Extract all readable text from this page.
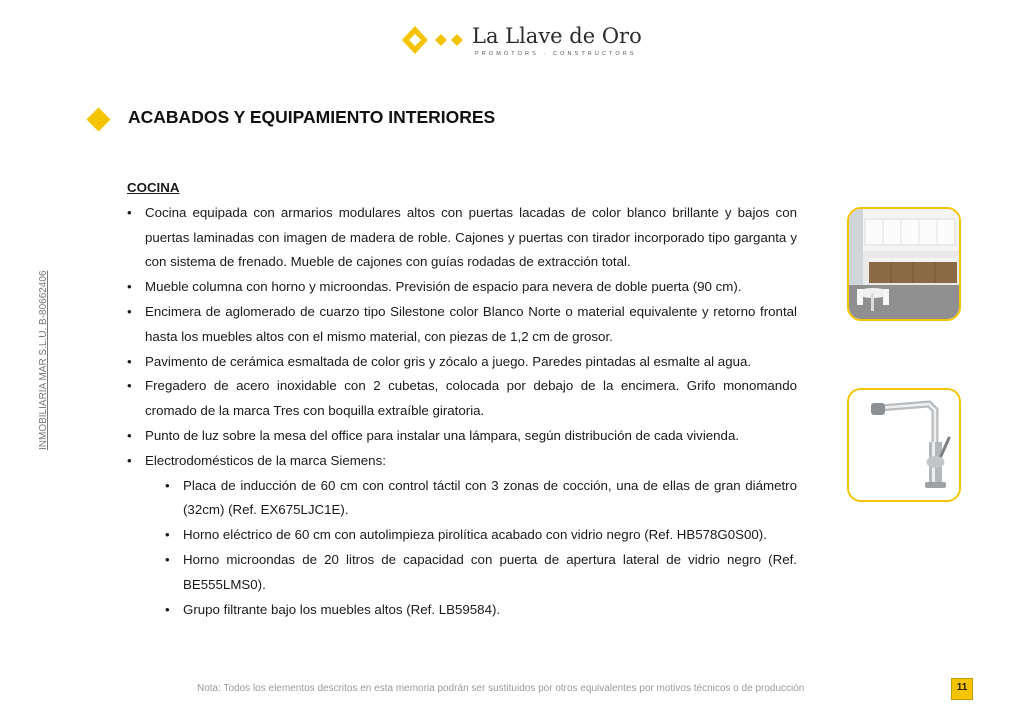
La Llave de Oro
PROMOTORS · CONSTRUCTORS
ACABADOS Y EQUIPAMIENTO INTERIORES
INMOBILIARIA MAR S.L.U. B-80662406

COCINA

• Cocina equipada con armarios modulares altos con puertas lacadas de color blanco brillante y bajos con puertas laminadas con imagen de madera de roble. Cajones y puertas con tirador incorporado tipo garganta y con sistema de frenado. Mueble de cajones con guías rodadas de extracción total.
• Mueble columna con horno y microondas. Previsión de espacio para nevera de doble puerta (90 cm).
• Encimera de aglomerado de cuarzo tipo Silestone color Blanco Norte o material equivalente y retorno frontal hasta los muebles altos con el mismo material, con piezas de 1,2 cm de grosor.
• Pavimento de cerámica esmaltada de color gris y zócalo a juego. Paredes pintadas al esmalte al agua.
• Fregadero de acero inoxidable con 2 cubetas, colocada por debajo de la encimera. Grifo monomando cromado de la marca Tres con boquilla extraíble giratoria.
• Punto de luz sobre la mesa del office para instalar una lámpara, según distribución de cada vivienda.
• Electrodomésticos de la marca Siemens:
• Placa de inducción de 60 cm con control táctil con 3 zonas de cocción, una de ellas de gran diámetro (32cm) (Ref. EX675LJC1E).
• Horno eléctrico de 60 cm con autolimpieza pirolítica acabado con vidrio negro (Ref. HB578G0S00).
• Horno microondas de 20 litros de capacidad con puerta de apertura lateral de vidrio negro (Ref. BE555LMS0).
• Grupo filtrante bajo los muebles altos (Ref. LB59584).
Nota: Todos los elementos descritos en esta memoria podrán ser sustituidos por otros equivalentes por motivos técnicos o de producción	11
